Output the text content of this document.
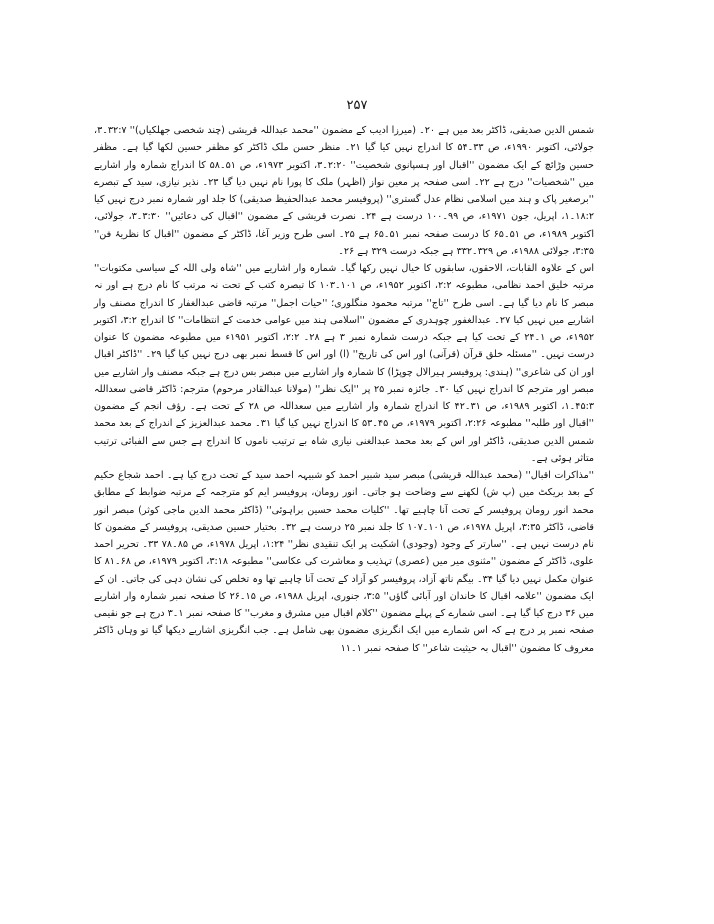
۲۵۷

شمس الدین صدیقی، ڈاکٹر بعد میں ہے ۲۰۔ (میرزا ادیب کے مضمون ''محمد عبداللہ قریشی (چند شخصی جھلکیاں)'' ۳۲:۷۔۳، جولائی، اکتوبر ۱۹۹۰ء، ص ۳۳۔۵۴ کا اندراج نہیں کیا گیا ۲۱۔ منظر حسن ملک ڈاکٹر کو مظفر حسین لکھا گیا ہے۔ مظفر حسین وڑائچ کے ایک مضمون ''اقبال اور ہسپانوی شخصیت'' ۲:۲۰۔۳، اکتوبر ۱۹۷۳ء، ص ۵۱۔۵۸ کا اندراج شمارہ وار اشاریے میں ''شخصیات'' درج ہے ۲۲۔ اسی صفحہ پر معین نواز (اظہر) ملک کا پورا نام نہیں دیا گیا ۲۳۔ نذیر نیازی، سید کے تبصرے ''برصغیر پاک و ہند میں اسلامی نظام عدل گستری'' (پروفیسر محمد عبدالحفیظ صدیقی) کا جلد اور شمارہ نمبر درج نہیں کیا ۱۸:۲۔۱، اپریل، جون ۱۹۷۱ء، ص ۹۹۔۱۰۰ درست ہے ۲۴۔ نصرت قریشی کے مضمون ''اقبال کی دعائیں'' ۳:۳۰۔۳، جولائی، اکتوبر ۱۹۸۹ء، ص ۵۱۔۶۵ کا درست صفحہ نمبر ۵۱۔۶۵ ہے ۲۵۔ اسی طرح وزیر آغا، ڈاکٹر کے مضمون ''اقبال کا نظریۂ فن'' ۳:۳۵، جولائی ۱۹۸۸ء، ص ۳۲۹۔۳۳۲ ہے جبکہ درست ۳۲۹ ہے ۲۶۔

اس کے علاوہ القابات، الاحقوں، سابقوں کا خیال نہیں رکھا گیا۔ شمارہ وار اشاریے میں ''شاہ ولی اللہ کے سیاسی مکتوبات'' مرتبہ خلیق احمد نظامی، مطبوعہ ۲:۲، اکتوبر ۱۹۵۲ء، ص ۱۰۱۔۱۰۳ کا تبصرہ کتب کے تحت نہ مرتب کا نام درج ہے اور نہ مبصر کا نام دیا گیا ہے۔ اسی طرح ''تاج'' مرتبہ محمود منگلوری؛ ''حیات اجمل'' مرتبہ قاضی عبدالغفار کا اندراج مصنف وار اشاریے میں نہیں کیا ۲۷۔ عبدالغفور چوہدری کے مضمون ''اسلامی ہند میں عوامی خدمت کے انتظامات'' کا اندراج ۳:۲، اکتوبر ۱۹۵۲ء، ص ۱۔۲۴ کے تحت کیا ہے جبکہ درست شمارہ نمبر ۳ ہے ۲۸۔ ۲:۲، اکتوبر ۱۹۵۱ء میں مطبوعہ مضمون کا عنوان درست نہیں۔ ''مسئلہ خلق قرآن (قرآنی) اور اس کی تاریخ'' (ا) اور اس کا قسط نمبر بھی درج نہیں کیا گیا ۲۹۔ ''ڈاکٹر اقبال اور ان کی شاعری'' (ہندی: پروفیسر ہیرالال چوپڑا) کا شمارہ وار اشاریے میں مبصر بس درج ہے جبکہ مصنف وار اشاریے میں مبصر اور مترجم کا اندراج نہیں کیا ۳۰۔ جائزہ نمبر ۲۵ پر ''ایک نظر'' (مولانا عبدالقادر مرحوم) مترجم: ڈاکٹر قاضی سعداللہ ۴۵:۳۔۱، اکتوبر ۱۹۸۹ء، ص ۳۱۔۴۲ کا اندراج شمارہ وار اشاریے میں سعداللہ ص ۲۸ کے تحت ہے۔ رؤف انجم کے مضمون ''اقبال اور طلبہ'' مطبوعہ ۲:۲۶، اکتوبر ۱۹۷۹ء، ص ۴۵۔۵۳ کا اندراج نہیں کیا گیا ۳۱۔ محمد عبدالعزیز کے اندراج کے بعد محمد شمس الدین صدیقی، ڈاکٹر اور اس کے بعد محمد عبدالغنی نیازی شاہ بے ترتیب ناموں کا اندراج ہے جس سے الفبائی ترتیب متاثر ہوئی ہے۔

''مذاکرات اقبال'' (محمد عبداللہ قریشی) مبصر سید شبیر احمد کو شبیہہ احمد سید کے تحت درج کیا ہے۔ احمد شجاع حکیم کے بعد بریکٹ میں (پ ش) لکھنے سے وضاحت ہو جاتی۔ انور رومان، پروفیسر ایم کو مترجمہ کے مرتبہ ضوابط کے مطابق محمد انور رومان پروفیسر کے تحت آنا چاہیے تھا۔ ''کلیات محمد حسین براہوئی'' (ڈاکٹر محمد الدین ماجی کوثر) مبصر انور قاضی، ڈاکٹر ۳:۳۵، اپریل ۱۹۷۸ء، ص ۱۰۱۔۱۰۷ کا جلد نمبر ۲۵ درست ہے ۳۲۔ بختیار حسین صدیقی، پروفیسر کے مضمون کا نام درست نہیں ہے۔ ''سارتر کے وجود (وجودی) اشکیت پر ایک تنقیدی نظر'' ۱:۲۴، اپریل ۱۹۷۸ء، ص ۸۵۔۷۸ ۳۳۔ تحریر احمد علوی، ڈاکٹر کے مضمون ''مثنوی میر میں (عصری) تہذیب و معاشرت کی عکاسی'' مطبوعہ ۳:۱۸، اکتوبر ۱۹۷۹ء، ص ۶۸۔۸۱ کا عنوان مکمل نہیں دیا گیا ۳۴۔ بیگم ناتھ آزاد، پروفیسر کو آزاد کے تحت آنا چاہیے تھا وہ تخلص کی نشان دہی کی جاتی۔ ان کے ایک مضمون ''علامہ اقبال کا خاندان اور آبائی گاؤں'' ۳:۵، جنوری، اپریل ۱۹۸۸ء، ص ۱۵۔۲۶ کا صفحہ نمبر شمارہ وار اشاریے میں ۳۶ درج کیا گیا ہے۔ اسی شمارے کے پہلے مضمون ''کلام اقبال میں مشرق و مغرب'' کا صفحہ نمبر ۱۔۳ درج ہے جو نقیمی صفحہ نمبر پر درج ہے کہ اس شمارے میں ایک انگریزی مضمون بھی شامل ہے۔ جب انگریزی اشاریے دیکھا گیا تو وہاں ڈاکٹر معروف کا مضمون ''اقبال بہ حیثیت شاعر'' کا صفحہ نمبر ۱۔۱۱
